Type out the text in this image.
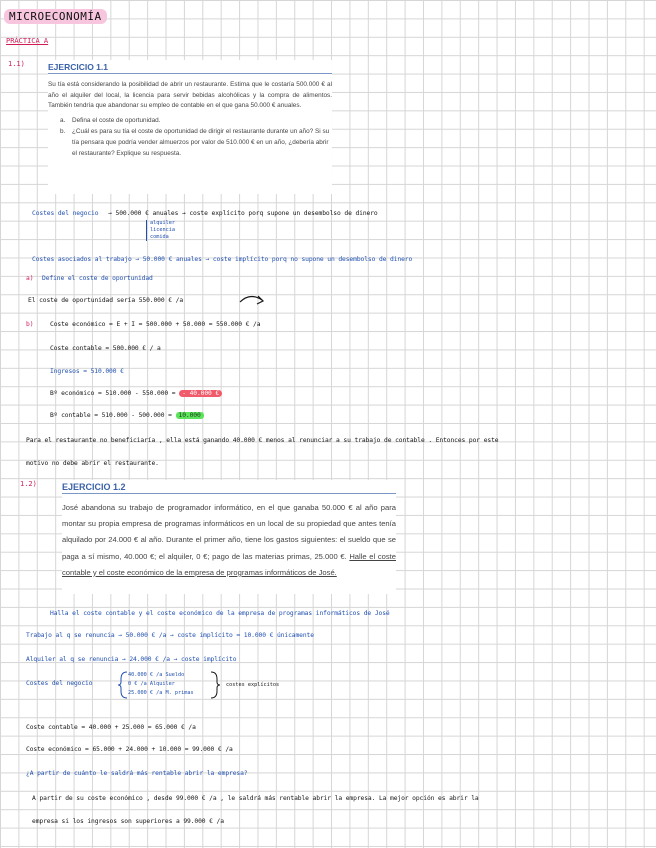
MICROECONOMÍA
PRÁCTICA A
1.1)	EJERCICIO 1.1
Su tía está considerando la posibilidad de abrir un restaurante. Estima que le costaría 500.000 € al año el alquiler del local, la licencia para servir bebidas alcohólicas y la compra de alimentos. También tendría que abandonar su empleo de contable en el que gana 50.000 € anuales.
a.	Defina el coste de oportunidad.
b.	¿Cuál es para su tía el coste de oportunidad de dirigir el restaurante durante un año? Si su tía pensara que podría vender almuerzos por valor de 510.000 € en un año, ¿debería abrir el restaurante? Explique su respuesta.
Costes del negocio → 500.000 € anuales → coste explícito porq supone un desembolso de dinero
alquiler
licencia
comida
Costes asociados al trabajo → 50.000 € anuales → coste implícito porq no supone un desembolso de dinero
a) Define el coste de oportunidad
El coste de oportunidad sería 550.000 € /a
b)	Coste económico = E + I = 500.000 + 50.000 = 550.000 € /a
Coste contable = 500.000 € / a
Ingresos = 510.000 €
Bº económico = 510.000 - 550.000 = - 40.000 €
Bº contable = 510.000 - 500.000 = 10.000
Para el restaurante no beneficiaría , ella está ganando 40.000 € menos al renunciar a su trabajo de contable . Entonces por este
motivo no debe abrir el restaurante.
1.2)	EJERCICIO 1.2
José abandona su trabajo de programador informático, en el que ganaba 50.000 € al año para montar su propia empresa de programas informáticos en un local de su propiedad que antes tenía alquilado por 24.000 € al año. Durante el primer año, tiene los gastos siguientes: el sueldo que se paga a sí mismo, 40.000 €; el alquiler, 0 €; pago de las materias primas, 25.000 €. Halle el coste contable y el coste económico de la empresa de programas informáticos de José.
Halla el coste contable y el coste económico de la empresa de programas informáticos de José
Trabajo al q se renuncia → 50.000 € /a → coste implícito = 10.000 € únicamente
Alquiler al q se renuncia → 24.000 € /a → coste implícito
Costes del negocio
40.000 € /a Sueldo
0 € /a Alquiler
25.000 € /a M. primas
costes explícitos
Coste contable = 40.000 + 25.000 = 65.000 € /a
Coste económico = 65.000 + 24.000 + 10.000 = 99.000 € /a
¿A partir de cuánto le saldrá más rentable abrir la empresa?
A partir de su coste económico , desde 99.000 € /a , le saldrá más rentable abrir la empresa. La mejor opción es abrir la
empresa si los ingresos son superiores a 99.000 € /a
